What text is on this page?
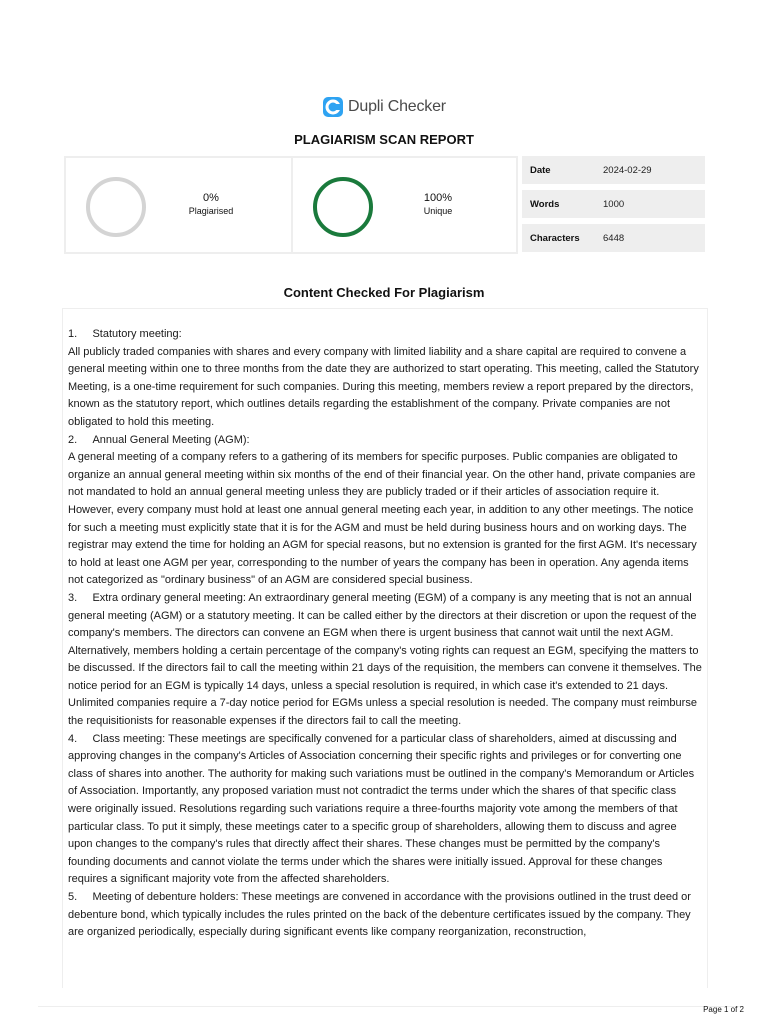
Dupli Checker
PLAGIARISM SCAN REPORT
0%
Plagiarised
100%
Unique
Date	2024-02-29
Words	1000
Characters	6448
Content Checked For Plagiarism

1.     Statutory meeting:

All publicly traded companies with shares and every company with limited liability and a share capital are required to convene a general meeting within one to three months from the date they are authorized to start operating. This meeting, called the Statutory Meeting, is a one-time requirement for such companies. During this meeting, members review a report prepared by the directors, known as the statutory report, which outlines details regarding the establishment of the company. Private companies are not obligated to hold this meeting.

2.     Annual General Meeting (AGM):

A general meeting of a company refers to a gathering of its members for specific purposes. Public companies are obligated to organize an annual general meeting within six months of the end of their financial year. On the other hand, private companies are not mandated to hold an annual general meeting unless they are publicly traded or if their articles of association require it. However, every company must hold at least one annual general meeting each year, in addition to any other meetings. The notice for such a meeting must explicitly state that it is for the AGM and must be held during business hours and on working days. The registrar may extend the time for holding an AGM for special reasons, but no extension is granted for the first AGM. It's necessary to hold at least one AGM per year, corresponding to the number of years the company has been in operation. Any agenda items not categorized as "ordinary business" of an AGM are considered special business.

3.     Extra ordinary general meeting: An extraordinary general meeting (EGM) of a company is any meeting that is not an annual general meeting (AGM) or a statutory meeting. It can be called either by the directors at their discretion or upon the request of the company's members. The directors can convene an EGM when there is urgent business that cannot wait until the next AGM. Alternatively, members holding a certain percentage of the company's voting rights can request an EGM, specifying the matters to be discussed. If the directors fail to call the meeting within 21 days of the requisition, the members can convene it themselves. The notice period for an EGM is typically 14 days, unless a special resolution is required, in which case it's extended to 21 days. Unlimited companies require a 7-day notice period for EGMs unless a special resolution is needed. The company must reimburse the requisitionists for reasonable expenses if the directors fail to call the meeting.

4.     Class meeting: These meetings are specifically convened for a particular class of shareholders, aimed at discussing and approving changes in the company's Articles of Association concerning their specific rights and privileges or for converting one class of shares into another. The authority for making such variations must be outlined in the company's Memorandum or Articles of Association. Importantly, any proposed variation must not contradict the terms under which the shares of that specific class were originally issued. Resolutions regarding such variations require a three-fourths majority vote among the members of that particular class. To put it simply, these meetings cater to a specific group of shareholders, allowing them to discuss and agree upon changes to the company's rules that directly affect their shares. These changes must be permitted by the company's founding documents and cannot violate the terms under which the shares were initially issued. Approval for these changes requires a significant majority vote from the affected shareholders.

5.     Meeting of debenture holders: These meetings are convened in accordance with the provisions outlined in the trust deed or debenture bond, which typically includes the rules printed on the back of the debenture certificates issued by the company. They are organized periodically, especially during significant events like company reorganization, reconstruction,

Page 1 of 2
